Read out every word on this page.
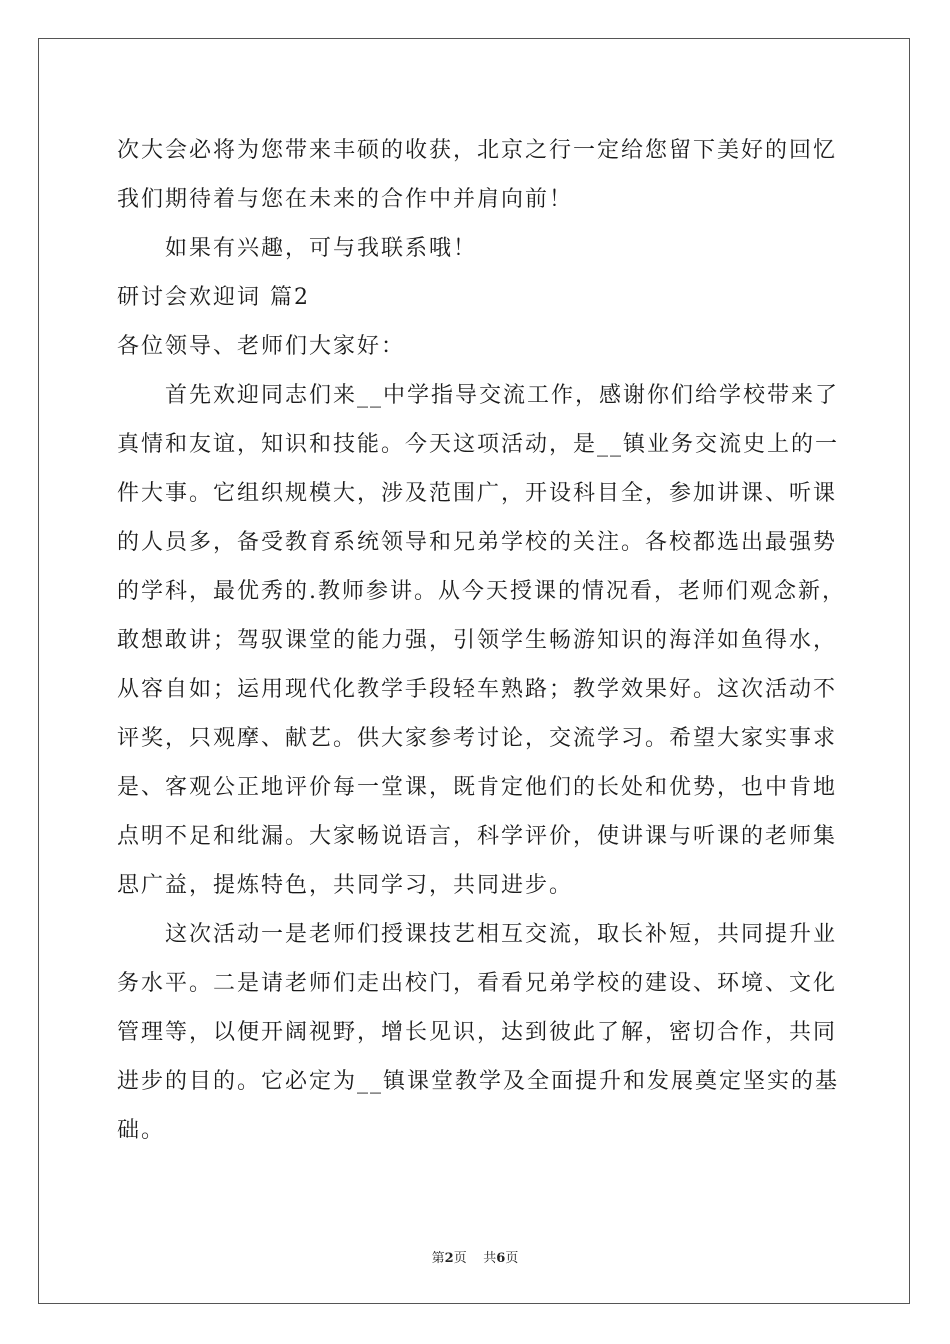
次大会必将为您带来丰硕的收获，北京之行一定给您留下美好的回忆
我们期待着与您在未来的合作中并肩向前！
如果有兴趣，可与我联系哦！
研讨会欢迎词 篇2
各位领导、老师们大家好：
首先欢迎同志们来__中学指导交流工作，感谢你们给学校带来了
真情和友谊，知识和技能。今天这项活动，是__镇业务交流史上的一
件大事。它组织规模大，涉及范围广，开设科目全，参加讲课、听课
的人员多，备受教育系统领导和兄弟学校的关注。各校都选出最强势
的学科，最优秀的.教师参讲。从今天授课的情况看，老师们观念新，
敢想敢讲；驾驭课堂的能力强，引领学生畅游知识的海洋如鱼得水，
从容自如；运用现代化教学手段轻车熟路；教学效果好。这次活动不
评奖，只观摩、献艺。供大家参考讨论，交流学习。希望大家实事求
是、客观公正地评价每一堂课，既肯定他们的长处和优势，也中肯地
点明不足和纰漏。大家畅说语言，科学评价，使讲课与听课的老师集
思广益，提炼特色，共同学习，共同进步。
这次活动一是老师们授课技艺相互交流，取长补短，共同提升业
务水平。二是请老师们走出校门，看看兄弟学校的建设、环境、文化
管理等，以便开阔视野，增长见识，达到彼此了解，密切合作，共同
进步的目的。它必定为__镇课堂教学及全面提升和发展奠定坚实的基
础。
第2页 共6页
